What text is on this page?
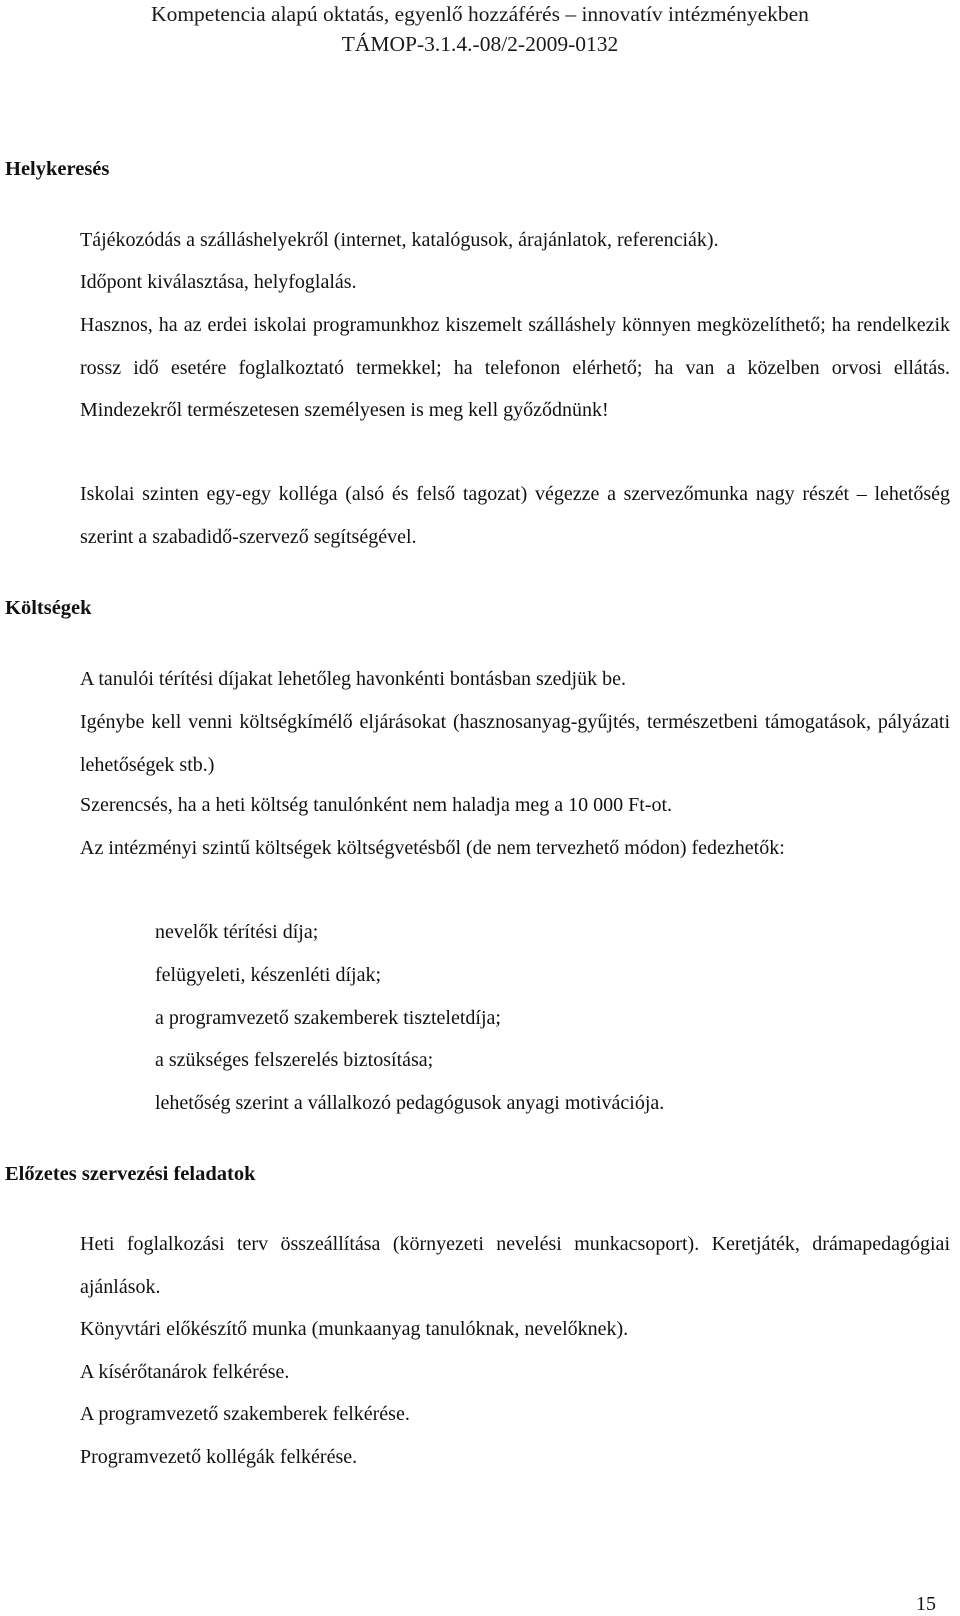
Kompetencia alapú oktatás, egyenlő hozzáférés – innovatív intézményekben
TÁMOP-3.1.4.-08/2-2009-0132
Helykeresés
Tájékozódás a szálláshelyekről (internet, katalógusok, árajánlatok, referenciák).
Időpont kiválasztása, helyfoglalás.

Hasznos, ha az erdei iskolai programunkhoz kiszemelt szálláshely könnyen megközelíthető; ha rendelkezik rossz idő esetére foglalkoztató termekkel; ha telefonon elérhető; ha van a közelben orvosi ellátás. Mindezekről természetesen személyesen is meg kell győződnünk!

Iskolai szinten egy-egy kolléga (alsó és felső tagozat) végezze a szervezőmunka nagy részét – lehetőség szerint a szabadidő-szervező segítségével.

Költségek
A tanulói térítési díjakat lehetőleg havonkénti bontásban szedjük be.

Igénybe kell venni költségkímélő eljárásokat (hasznosanyag-gyűjtés, természetbeni támogatások, pályázati lehetőségek stb.)

Szerencsés, ha a heti költség tanulónként nem haladja meg a 10 000 Ft-ot.

Az intézményi szintű költségek költségvetésből (de nem tervezhető módon) fedezhetők:

nevelők térítési díja;
felügyeleti, készenléti díjak;
a programvezető szakemberek tiszteletdíja;
a szükséges felszerelés biztosítása;
lehetőség szerint a vállalkozó pedagógusok anyagi motivációja.
Előzetes szervezési feladatok

Heti foglalkozási terv összeállítása (környezeti nevelési munkacsoport). Keretjáték, drámapedagógiai ajánlások.

Könyvtári előkészítő munka (munkaanyag tanulóknak, nevelőknek).
A kísérőtanárok felkérése.
A programvezető szakemberek felkérése.
Programvezető kollégák felkérése.
15
